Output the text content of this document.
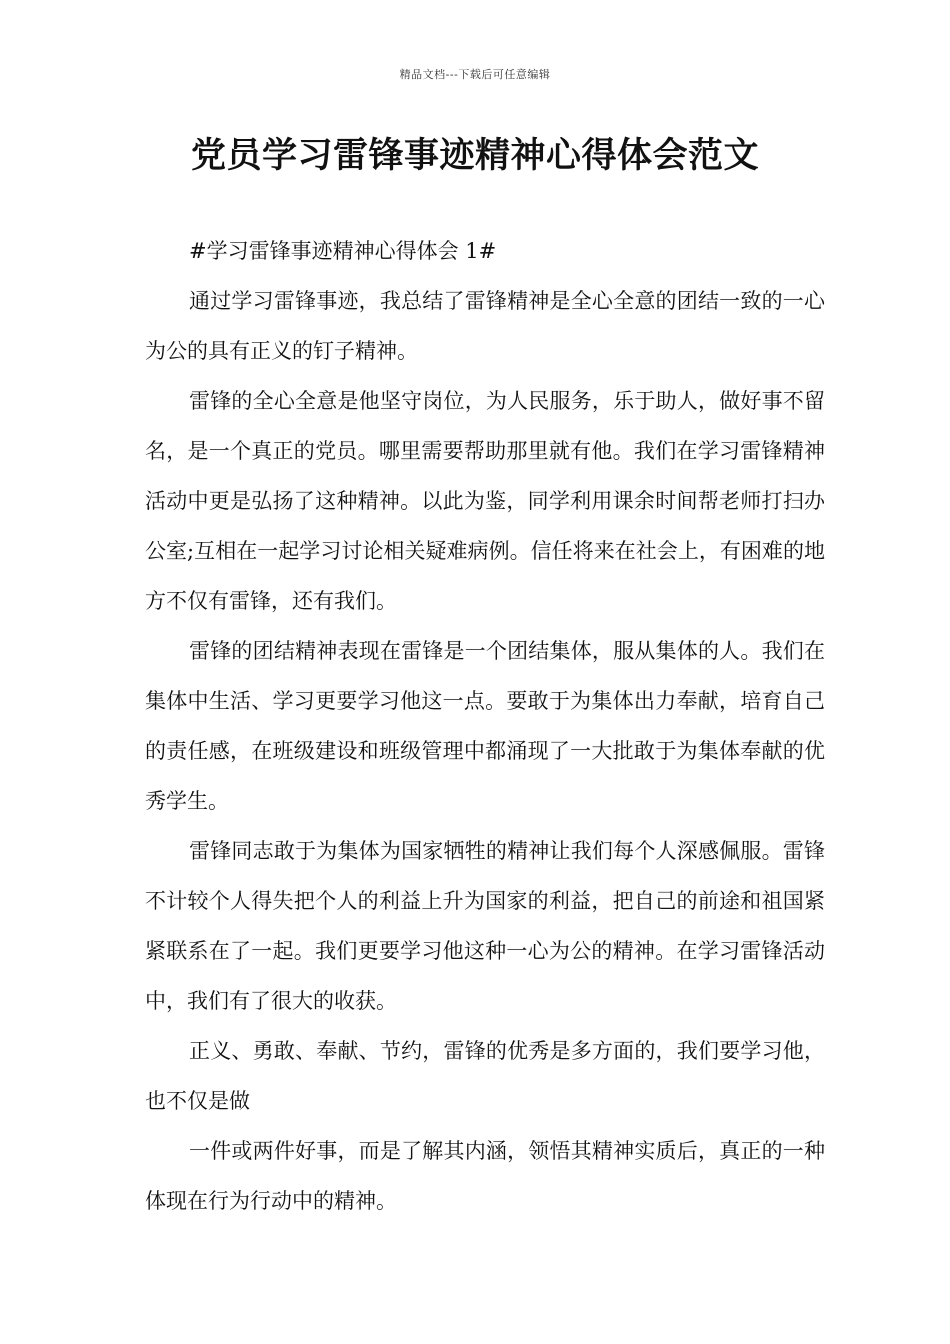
精品文档---下载后可任意编辑
党员学习雷锋事迹精神心得体会范文

#学习雷锋事迹精神心得体会 1#

通过学习雷锋事迹，我总结了雷锋精神是全心全意的团结一致的一心为公的具有正义的钉子精神。

雷锋的全心全意是他坚守岗位，为人民服务，乐于助人，做好事不留名，是一个真正的党员。哪里需要帮助那里就有他。我们在学习雷锋精神活动中更是弘扬了这种精神。以此为鉴，同学利用课余时间帮老师打扫办公室;互相在一起学习讨论相关疑难病例。信任将来在社会上，有困难的地方不仅有雷锋，还有我们。

雷锋的团结精神表现在雷锋是一个团结集体，服从集体的人。我们在集体中生活、学习更要学习他这一点。要敢于为集体出力奉献，培育自己的责任感，在班级建设和班级管理中都涌现了一大批敢于为集体奉献的优秀学生。

雷锋同志敢于为集体为国家牺牲的精神让我们每个人深感佩服。雷锋不计较个人得失把个人的利益上升为国家的利益，把自己的前途和祖国紧紧联系在了一起。我们更要学习他这种一心为公的精神。在学习雷锋活动中，我们有了很大的收获。

正义、勇敢、奉献、节约，雷锋的优秀是多方面的，我们要学习他，也不仅是做

一件或两件好事，而是了解其内涵，领悟其精神实质后，真正的一种体现在行为行动中的精神。
